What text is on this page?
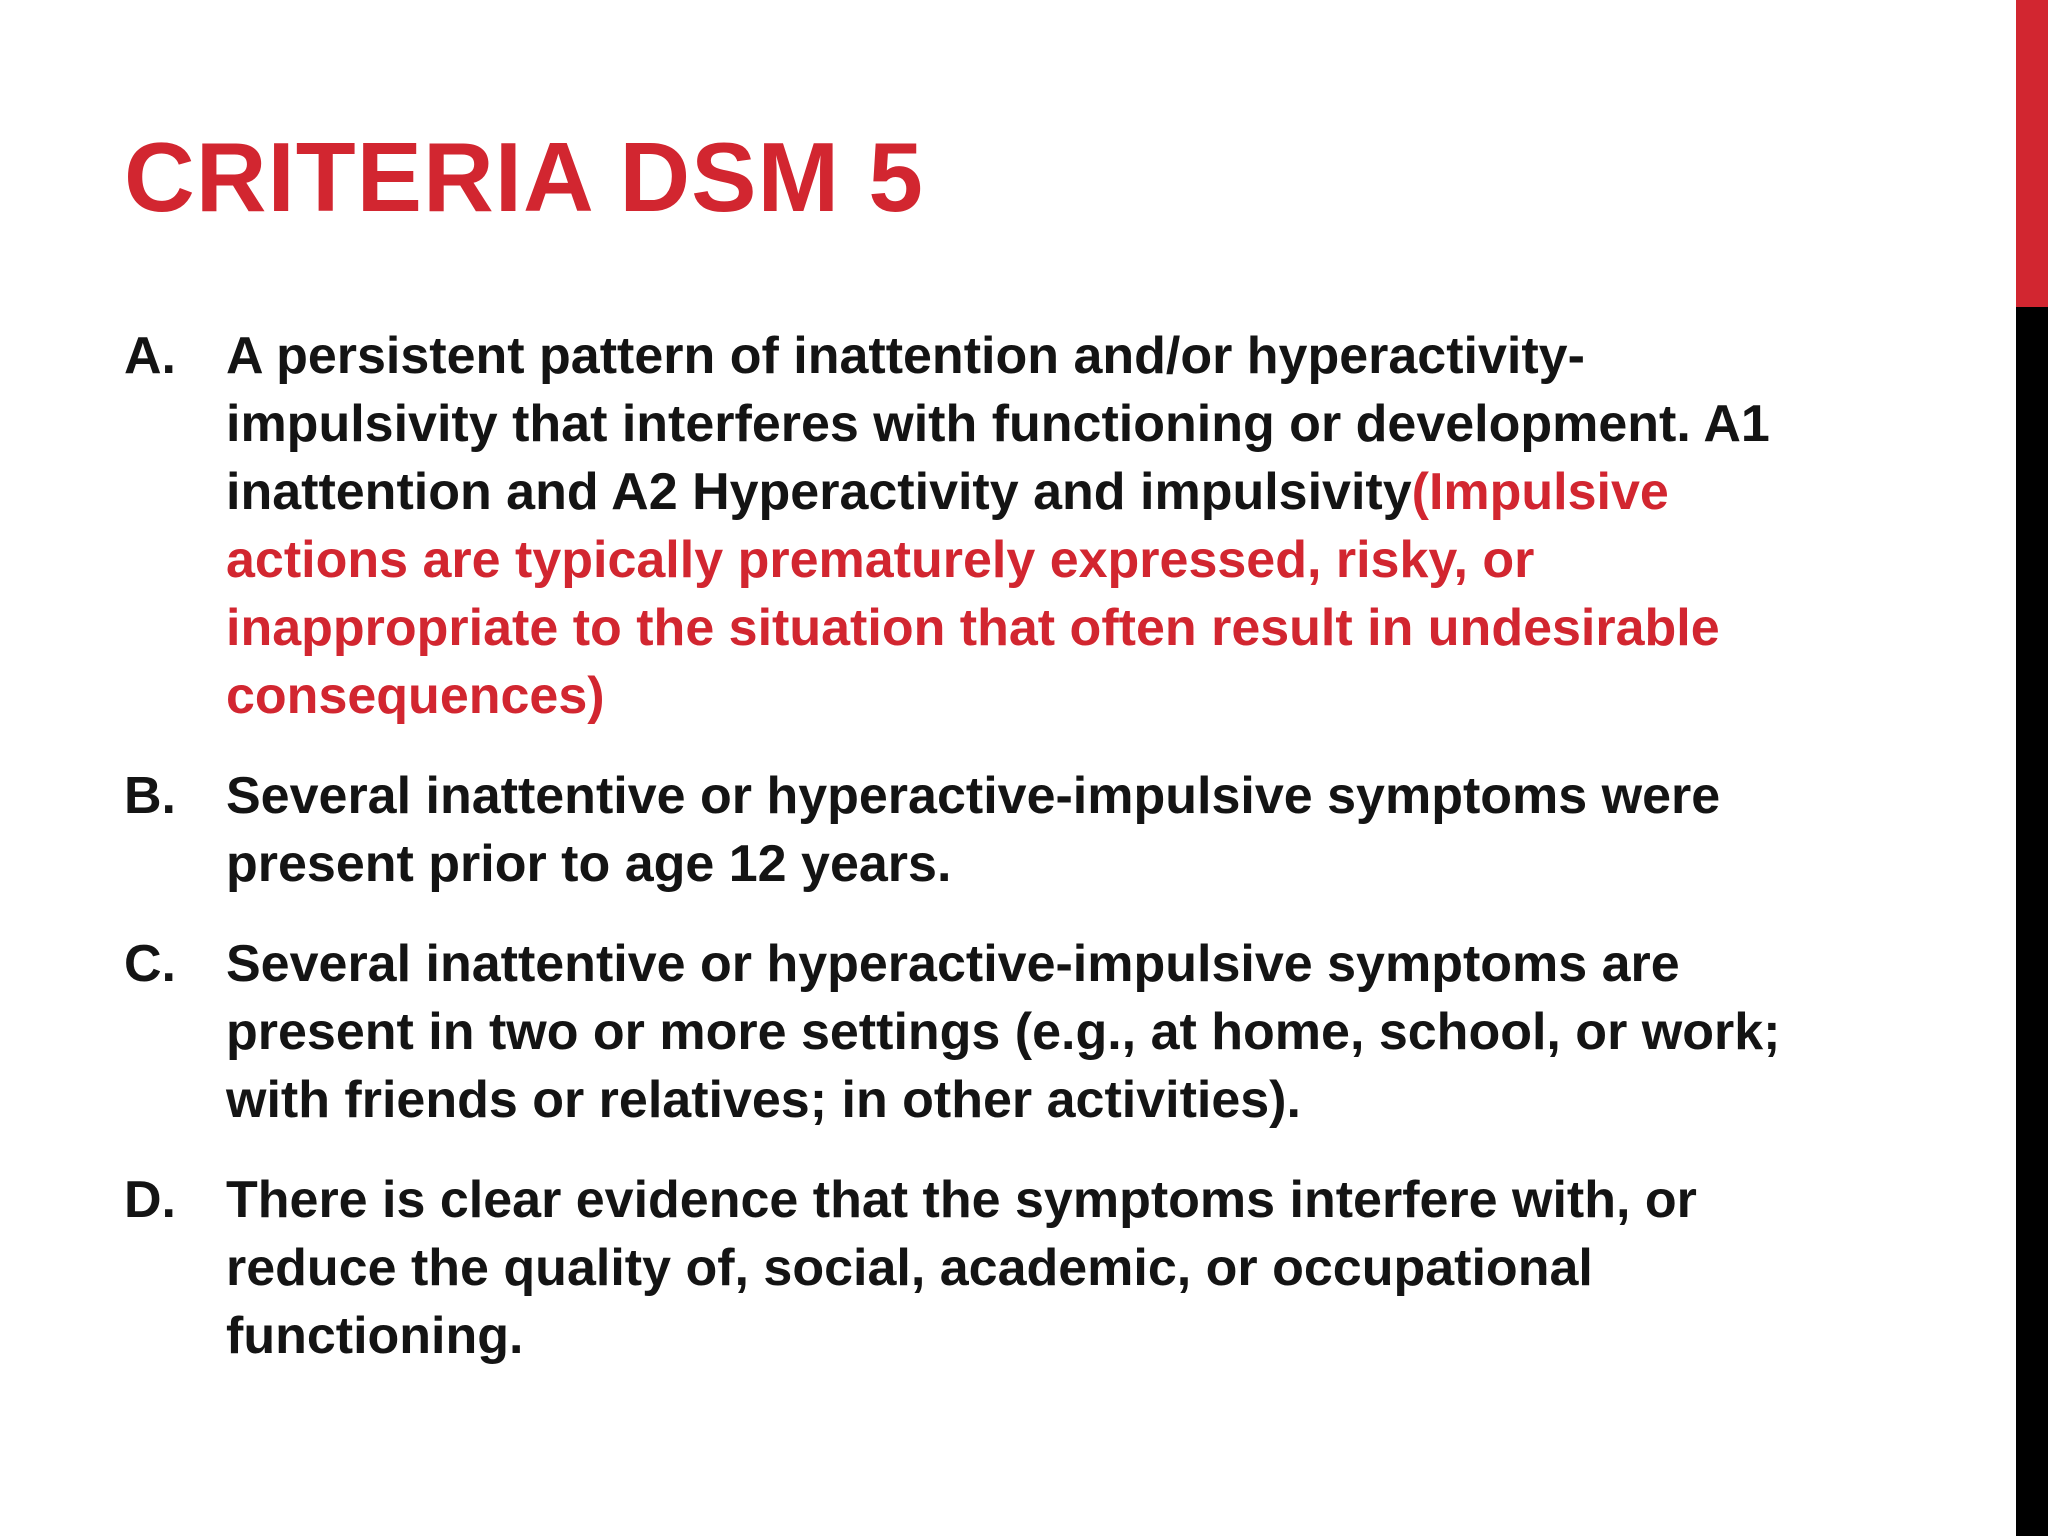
CRITERIA DSM 5
A. A persistent pattern of inattention and/or hyperactivity-impulsivity that interferes with functioning or development. A1 inattention and A2 Hyperactivity and impulsivity(Impulsive actions are typically prematurely expressed, risky, or inappropriate to the situation that often result in undesirable consequences)
B. Several inattentive or hyperactive-impulsive symptoms were present prior to age 12 years.
C. Several inattentive or hyperactive-impulsive symptoms are present in two or more settings (e.g., at home, school, or work; with friends or relatives; in other activities).
D. There is clear evidence that the symptoms interfere with, or reduce the quality of, social, academic, or occupational functioning.
